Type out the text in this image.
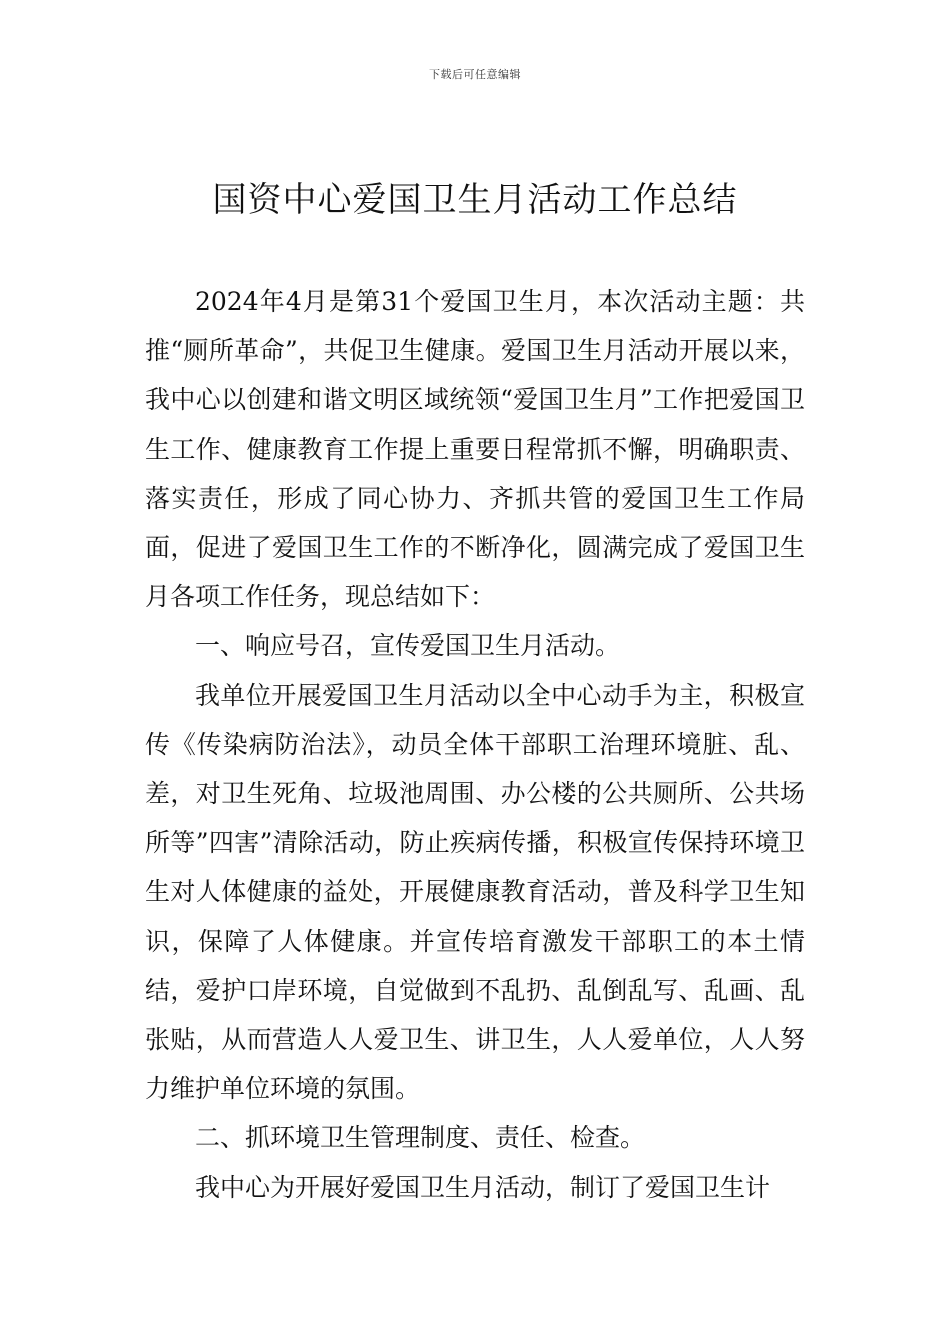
下载后可任意编辑
国资中心爱国卫生月活动工作总结

2024年4月是第31个爱国卫生月，本次活动主题：共推“厕所革命”，共促卫生健康。爱国卫生月活动开展以来，我中心以创建和谐文明区域统领“爱国卫生月”工作把爱国卫生工作、健康教育工作提上重要日程常抓不懈，明确职责、落实责任，形成了同心协力、齐抓共管的爱国卫生工作局面，促进了爱国卫生工作的不断净化，圆满完成了爱国卫生月各项工作任务，现总结如下：

一、响应号召，宣传爱国卫生月活动。

我单位开展爱国卫生月活动以全中心动手为主，积极宣传《传染病防治法》，动员全体干部职工治理环境脏、乱、差，对卫生死角、垃圾池周围、办公楼的公共厕所、公共场所等”四害”清除活动，防止疾病传播，积极宣传保持环境卫生对人体健康的益处，开展健康教育活动，普及科学卫生知识，保障了人体健康。并宣传培育激发干部职工的本土情结，爱护口岸环境，自觉做到不乱扔、乱倒乱写、乱画、乱张贴，从而营造人人爱卫生、讲卫生，人人爱单位，人人努力维护单位环境的氛围。

二、抓环境卫生管理制度、责任、检查。

我中心为开展好爱国卫生月活动，制订了爱国卫生计
